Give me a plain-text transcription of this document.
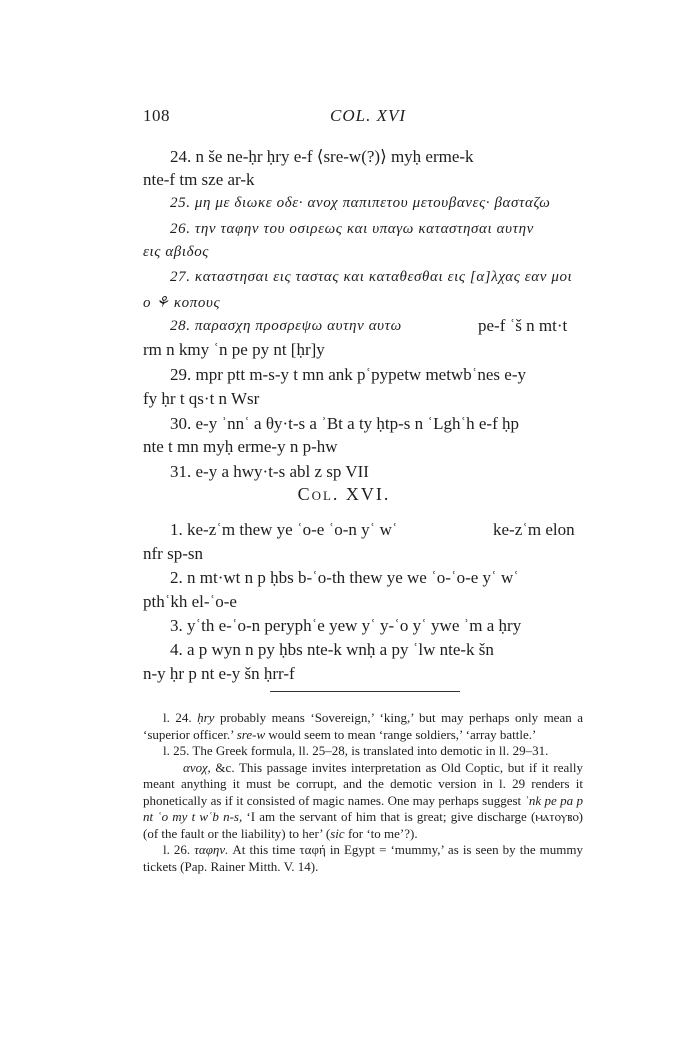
108	COL. XVI
24. n še ne-ḥr ḥry e-f ⟨sre-w(?)⟩ myḥ erme-k
nte-f tm sze ar-k
25. μη με διωκε οδε· ανοχ παπιπετου μετουβανες· βασταζω
26. την ταφην του οσιρεως και υπαγω καταστησαι αυτην
εις αβιδος
27. καταστησαι εις ταστας και καταθεσθαι εις [α]λχας εαν μοι
ο ⚘ κοπους
28. παρασχη προσρεψω αυτην αυτω	pe-f ʿš n mt·t
rm n kmy ʿn pe py nt [ḥr]y
29. mpr ptt m-s-y t mn ank pʿpypetw metwbʿnes e-y
fy ḥr t qs·t n Wsr
30. e-y ʾnnʿ a θy·t-s a ʾBt a ty ḥtp-s n ʿLghʿh e-f ḥp
nte t mn myḥ erme-y n p-hw
31. e-y a hwy·t-s abl z sp VII
Col. XVI.
1. ke-zʿm thew ye ʿo-e ʿo-n yʿ wʿ	ke-zʿm elon
nfr sp-sn
2. n mt·wt n p ḥbs b-ʿo-th thew ye we ʿo-ʿo-e yʿ wʿ
pthʿkh el-ʿo-e
3. yʿth e-ʿo-n peryphʿe yew yʿ y-ʿo yʿ ywe ʾm a ḥry
4. a p wyn n py ḥbs nte-k wnḥ a py ʿlw nte-k šn
n-y ḥr p nt e-y šn ḥrr-f

l. 24. ḥry probably means ‘Sovereign,’ ‘king,’ but may perhaps only mean a ‘superior officer.’ sre-w would seem to mean ‘range soldiers,’ ‘array battle.’

l. 25. The Greek formula, ll. 25–28, is translated into demotic in ll. 29–31.

ανοχ, &c. This passage invites interpretation as Old Coptic, but if it really meant anything it must be corrupt, and the demotic version in l. 29 renders it phonetically as if it consisted of magic names. One may perhaps suggest ʾnk pe pa p nt ʿo my t wʿb n-s, ‘I am the servant of him that is great; give discharge (ⲙⲁⲧⲟⲩⲃⲟ) (of the fault or the liability) to her’ (sic for ‘to me’?).

l. 26. ταφην. At this time ταφή in Egypt = ‘mummy,’ as is seen by the mummy tickets (Pap. Rainer Mitth. V. 14).
